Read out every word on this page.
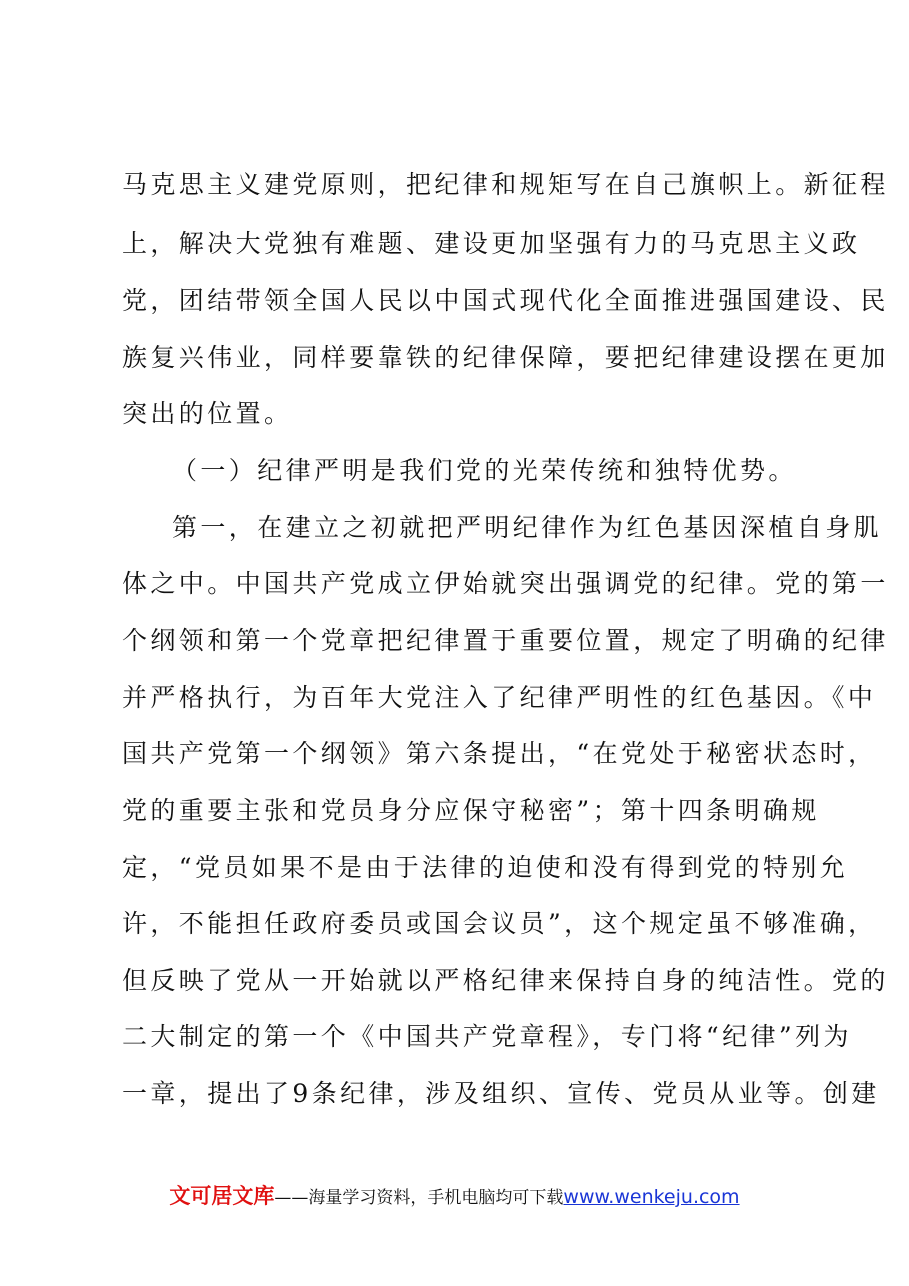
马克思主义建党原则，把纪律和规矩写在自己旗帜上。新征程
上，解决大党独有难题、建设更加坚强有力的马克思主义政
党，团结带领全国人民以中国式现代化全面推进强国建设、民
族复兴伟业，同样要靠铁的纪律保障，要把纪律建设摆在更加
突出的位置。
（一）纪律严明是我们党的光荣传统和独特优势。
第一，在建立之初就把严明纪律作为红色基因深植自身肌
体之中。中国共产党成立伊始就突出强调党的纪律。党的第一
个纲领和第一个党章把纪律置于重要位置，规定了明确的纪律
并严格执行，为百年大党注入了纪律严明性的红色基因。《中
国共产党第一个纲领》第六条提出，“在党处于秘密状态时，
党的重要主张和党员身分应保守秘密”；第十四条明确规
定，“党员如果不是由于法律的迫使和没有得到党的特别允
许，不能担任政府委员或国会议员”，这个规定虽不够准确，
但反映了党从一开始就以严格纪律来保持自身的纯洁性。党的
二大制定的第一个《中国共产党章程》，专门将“纪律”列为
一章，提出了9条纪律，涉及组织、宣传、党员从业等。创建
文可居文库——海量学习资料，手机电脑均可下载www.wenkeju.com
